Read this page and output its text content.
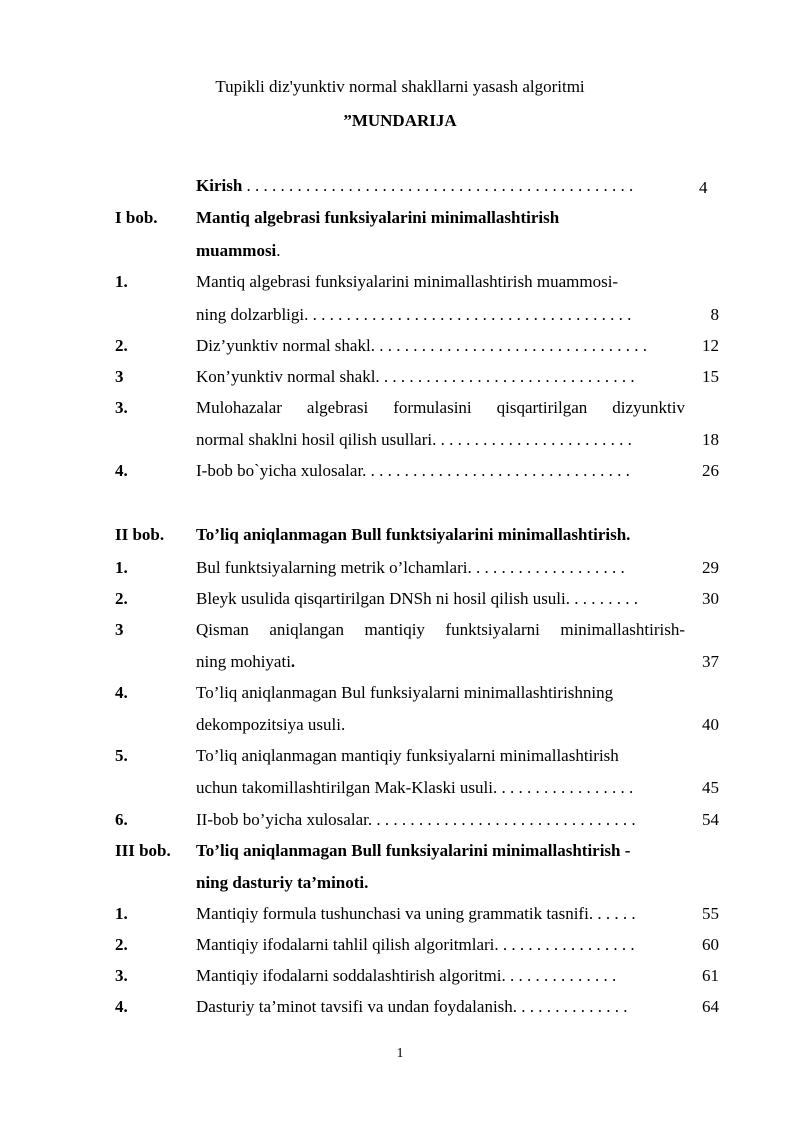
Tupikli diz'yunktiv normal shakllarni yasash algoritmi
”MUNDARIJA
Kirish . . . . . . . . . . . . . . . . . . . . . . . . . . . . . . . . . . . . . . . . . . . . . .	4
I bob. Mantiq algebrasi funksiyalarini minimallashtirish
muammosi.
1.	Mantiq algebrasi funksiyalarini minimallashtirish muammosi-
ning dolzarbligi. . . . . . . . . . . . . . . . . . . . . . . . . . . . . . . . . . . . . . .	8
2.	Diz’yunktiv normal shakl. . . . . . . . . . . . . . . . . . . . . . . . . . . . . . . . .	12
3	Kon’yunktiv normal shakl. . . . . . . . . . . . . . . . . . . . . . . . . . . . . . .	15
3.	Mulohazalar algebrasi formulasini qisqartirilgan dizyunktiv
normal shaklni hosil qilish usullari. . . . . . . . . . . . . . . . . . . . . . . .	18
4.	I-bob bo`yicha xulosalar. . . . . . . . . . . . . . . . . . . . . . . . . . . . . . . .	26
II bob. To’liq aniqlanmagan Bull funktsiyalarini minimallashtirish.
1.	Bul funktsiyalarning metrik o’lchamlari. . . . . . . . . . . . . . . . . . .	29
2.	Bleyk usulida qisqartirilgan DNSh ni hosil qilish usuli. . . . . . . . .	30
3	Qisman aniqlangan mantiqiy funktsiyalarni minimallashtirish-
ning mohiyati.	37
4.	To’liq aniqlanmagan Bul funksiyalarni minimallashtirishning
dekompozitsiya usuli.	40
5.	To’liq aniqlanmagan mantiqiy funksiyalarni minimallashtirish
uchun takomillashtirilgan Mak-Klaski usuli. . . . . . . . . . . . . . . . .	45
6.	II-bob bo’yicha xulosalar. . . . . . . . . . . . . . . . . . . . . . . . . . . . . . . .	54
III bob. To’liq aniqlanmagan Bull funksiyalarini minimallashtirish -
ning dasturiy ta’minoti.
1.	Mantiqiy formula tushunchasi va uning grammatik tasnifi. . . . . .	55
2.	Mantiqiy ifodalarni tahlil qilish algoritmlari. . . . . . . . . . . . . . . . .	60
3.	Mantiqiy ifodalarni soddalashtirish algoritmi. . . . . . . . . . . . . .	61
4.	Dasturiy ta’minot tavsifi va undan foydalanish. . . . . . . . . . . . . .	64
1
